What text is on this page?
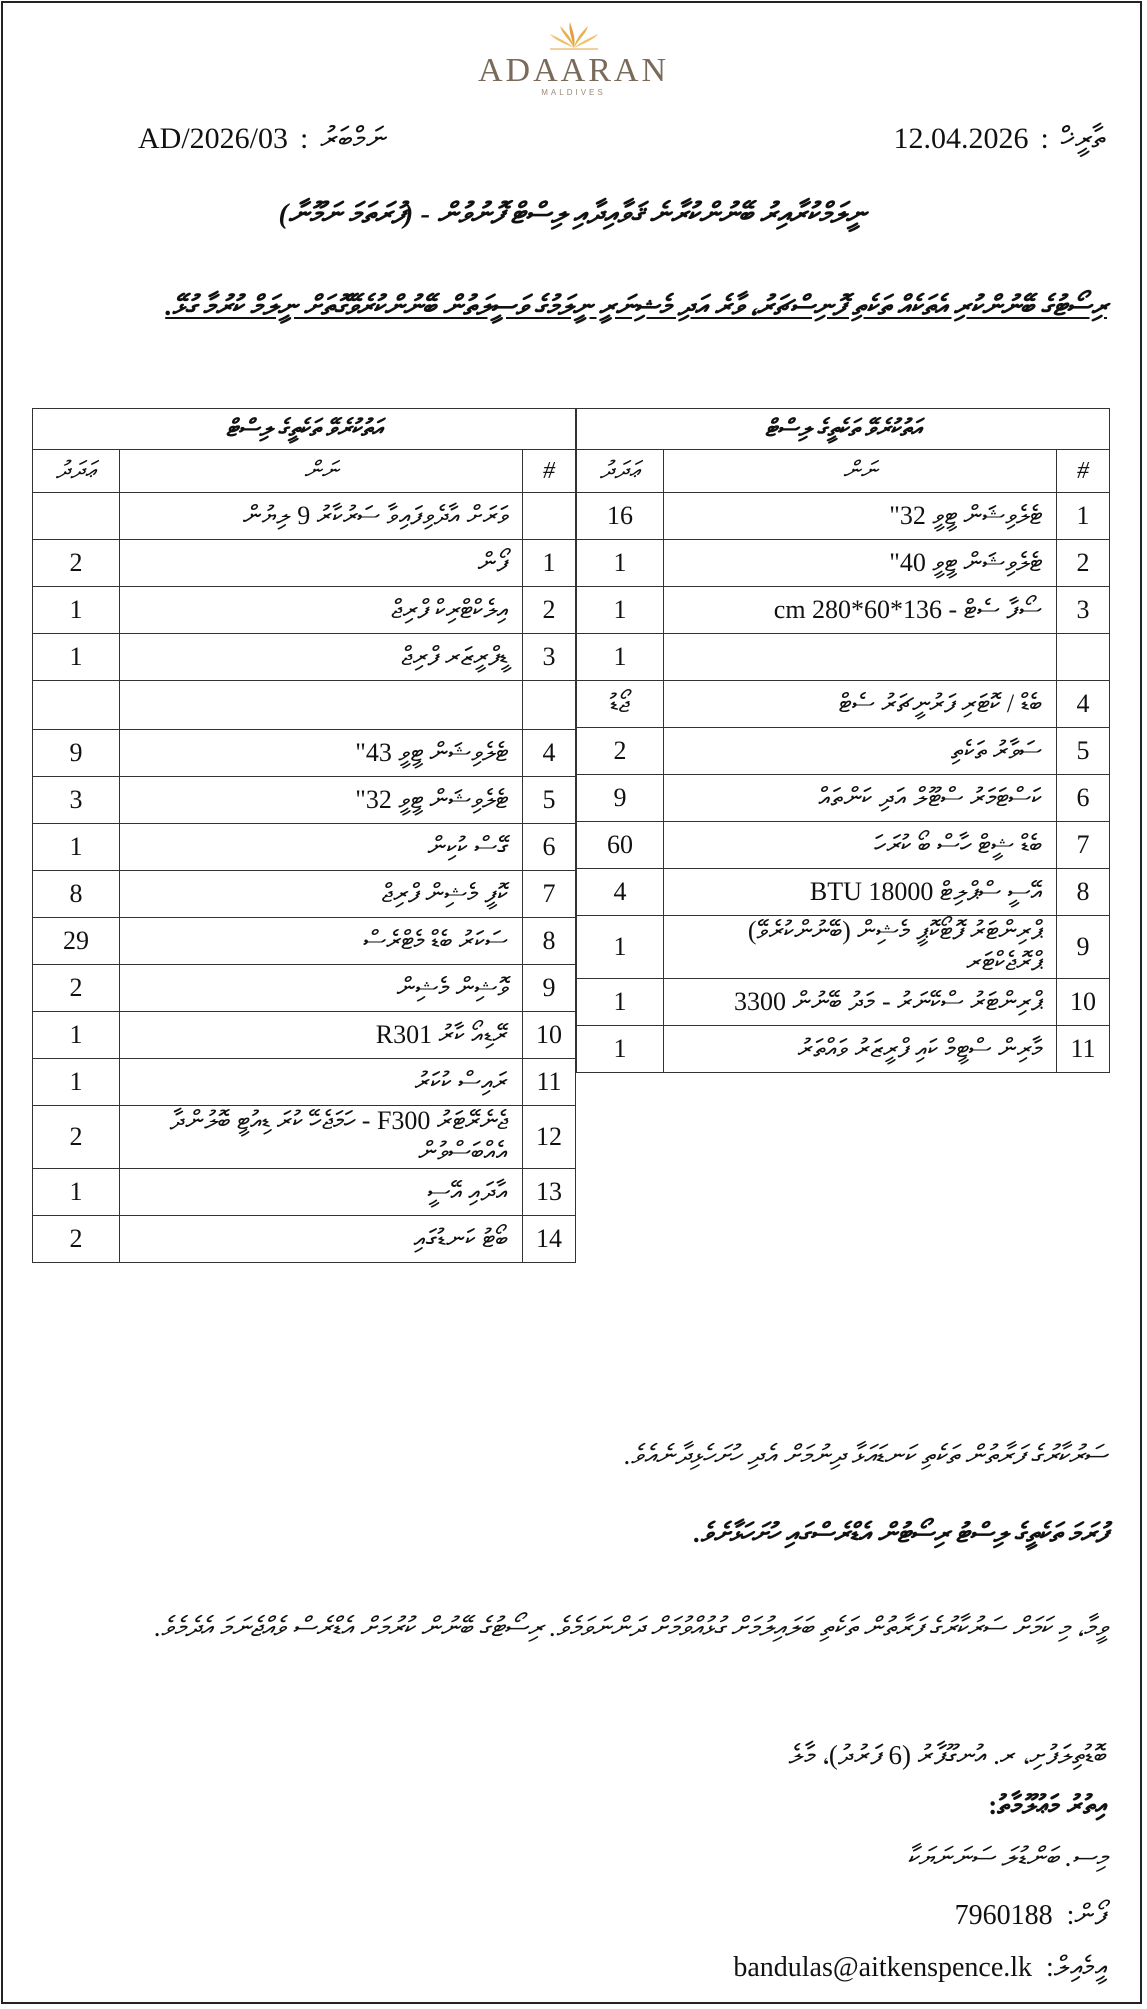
ADAARAN
MALDIVES
ނަމްބަރު
:
AD/2026/03	ތާރީޚް
:
12.04.2026
ނީލަމްކުރާއިރު ބޭނުންކުރާނެ ޤަވާއިދާއި ލިސްޓް ފޮނުވުން - (ފުރަތަމަ ނަމޫނާ)
ރިސޯޓުގެ ބޭނުންކުރި އެތަކެއް ތަކެތި ފޮނިސްޗަރު، ވާރެ އަދި މެޝިނަރީ ނީލަމުގެ ވަސީލަތުން ބޭނުންކުރެވޭގޮތަށް ނީލަމް ކުރުމާ ގުޅޭ.
އަތުކުރެވޭ ތަކެތީގެ ލިސްޓް		
#	ނަން	ޢަދަދު
1	ޓެލެވިޝަން ޓީވީ 32"	16
2	ޓެލެވިޝަން ޓީވީ 40"	1
3	ސޯފާ ސެޓް - 136*60*280 cm	1
		1
4	ބެޑް / ކޮޓަރި ފަރުނީޗަރު ސެޓް	ޖޯޑު
5	ސަވާރު ތަކެތި	2
6	ކަސްޓަމަރު ސްޓޫލް އަދި ކަންތައް	9
7	ބެޑް ޝީޓް ހާސް ބޯ ކުރަހަ	60
8	އޭސީ ސްޕްލިޓް BTU 18000	4
9	ޕްރިންޓަރު ފޮޓޯކޮޕީ މެޝިން (ބޭނުންކުރެވޭ) ޕްރޮޖެކްޓަރ	1
10	ޕްރިންޓަރު ސްކޭނަރު - މަދު ބޭނުން 3300	1
11	މާރިން ސްޓީމް ކައި ފްރީޒަރު ވައްތަރު	1
އަތުކުރެވޭ ތަކެތީގެ ލިސްޓް		
#	ނަން	ޢަދަދު
	ވަރަށް އާދެވިފައިވާ ސަރުކާރު 9 ލިޔުން	
1	ފޯން	2
2	އިލެކްޓްރިކް ފްރިޖް	1
3	ޑީފްރީޒަރ ފްރިޖް	1

4	ޓެލެވިޝަން ޓީވީ 43"	9
5	ޓެލެވިޝަން ޓީވީ 32"	3
6	ގޭސް ކުކިން	1
7	ކޮފީ މެޝިން ފްރިޖް	8
8	ސަކަރު ބެޑް މެޓްރެސް	29
9	ވޮޝިން މެޝިން	2
10	ރޭޑިއޯ ކާރު R301	1
11	ރައިސް ކުކަރު	1
12	ޖެނެރޭޓަރު F300 - ހަމަޖެހޭ ކުރަ ޑިއުޓީ ބޮލުންދާ އެއްބަސްވުން	2
13	އާދައި އޭސީ	1
14	ބޯޓު ކަނޑުގައި	2
ސަރުކާރުގެ ފަރާތުން ތަކެތި ކަނޑައަޅާ ދިނުމަށް އެދި ހުށަހެޅިދާނެއެވެ.
ފުރަމަ ތަކެތީގެ ލިސްޓު ރިސޯޓުން އެޑްރެސްގައި ހުށަހަޅާށެވެ.
ވީމާ، މި ކަމަށް ސަރުކާރުގެ ފަރާތުން ތަކެތި ބަލައިލުމަށް ގުޅުއްވުމަށް ދަންނަވަމެވެ. ރިސޯޓުގެ ބޭނުން ކުރުމަށް އެޑްރެސް ވެއްޖެނަމަ އެދެމެވެ.
ބޮޑުތިލަފުށި، ރ. އުނގޫފާރު (6 ފަރުދު)، މާލެ
އިތުރު މަޢުލޫމާތު:
މިސ. ބަންޑުލަ ސަނަނަޔަކާ
ފޯން:
7960188
އީމެއިލް:
bandulas@aitkenspence.lk
